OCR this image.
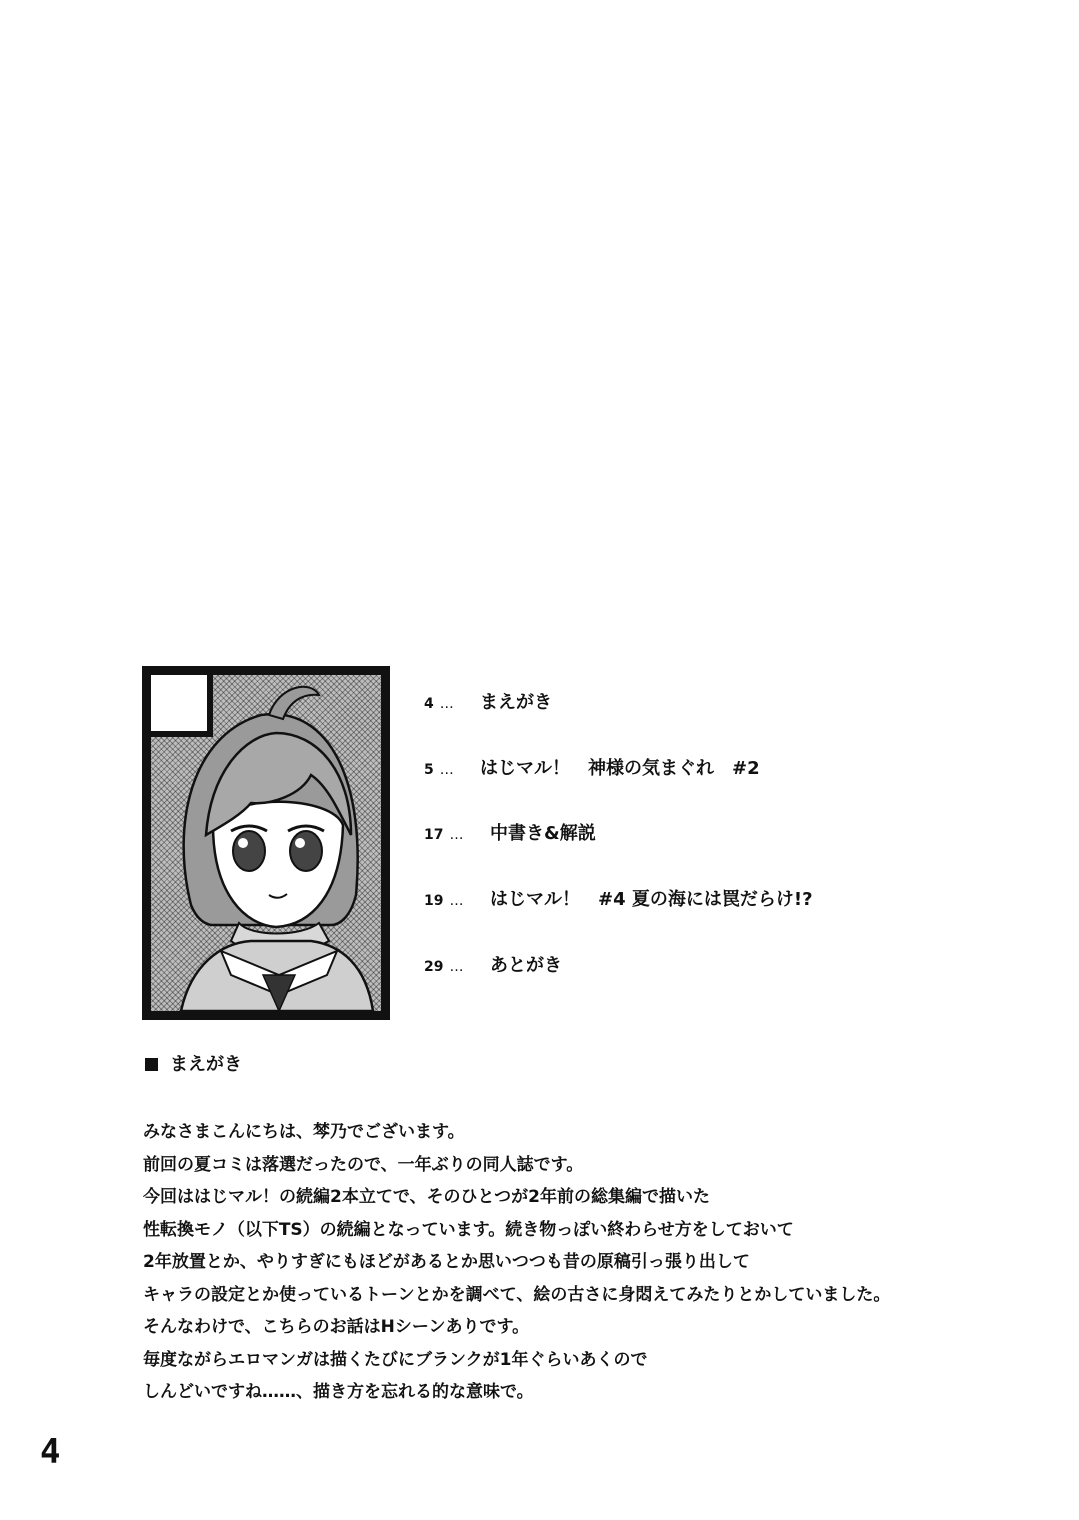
4 … まえがき
5 … はじマル！　神様の気まぐれ　#2
17 … 中書き&解説
19 … はじマル！　#4 夏の海には罠だらけ!?
29 … あとがき
まえがき
みなさまこんにちは、棽乃でございます。
前回の夏コミは落選だったので、一年ぶりの同人誌です。
今回ははじマル！の続編2本立てで、そのひとつが2年前の総集編で描いた
性転換モノ（以下TS）の続編となっています。続き物っぽい終わらせ方をしておいて
2年放置とか、やりすぎにもほどがあるとか思いつつも昔の原稿引っ張り出して
キャラの設定とか使っているトーンとかを調べて、絵の古さに身悶えてみたりとかしていました。
そんなわけで、こちらのお話はHシーンありです。
毎度ながらエロマンガは描くたびにブランクが1年ぐらいあくので
しんどいですね……、描き方を忘れる的な意味で。
4
